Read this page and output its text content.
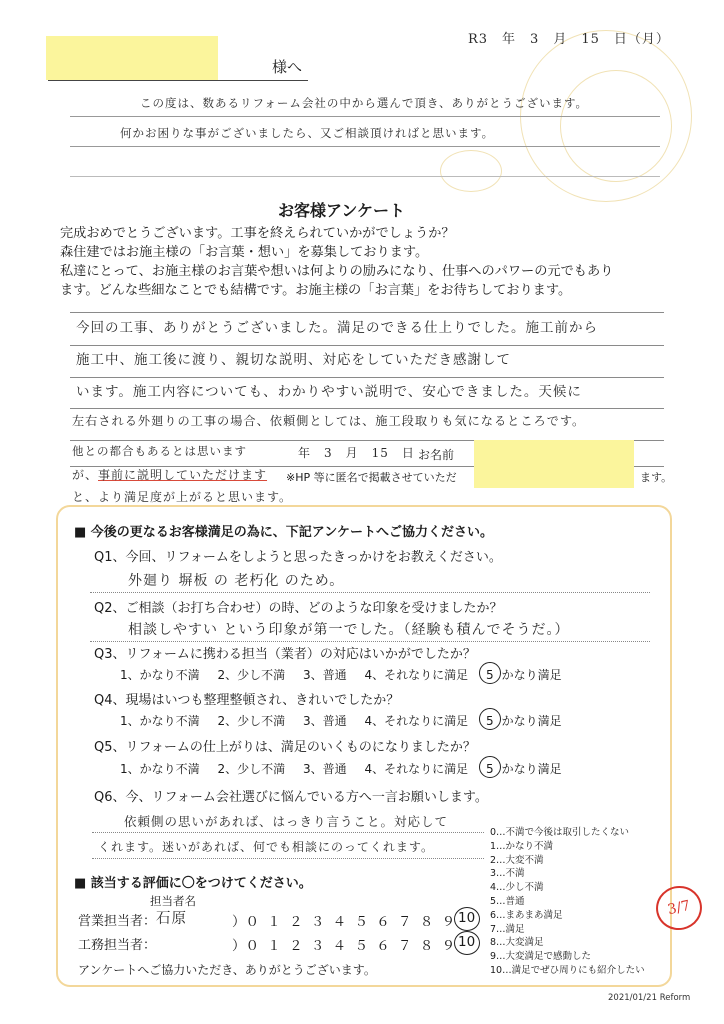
R3　年　3　月　15　日（月）
様へ
この度は、数あるリフォーム会社の中から選んで頂き、ありがとうございます。
何かお困りな事がございましたら、又ご相談頂ければと思います。
お客様アンケート
完成おめでとうございます。工事を終えられていかがでしょうか？
森住建ではお施主様の「お言葉・想い」を募集しております。
私達にとって、お施主様のお言葉や想いは何よりの励みになり、仕事へのパワーの元でもあり
ます。どんな些細なことでも結構です。お施主様の「お言葉」をお待ちしております。
今回の工事、ありがとうございました。満足のできる仕上りでした。施工前から
施工中、施工後に渡り、親切な説明、対応をしていただき感謝して
います。施工内容についても、わかりやすい説明で、安心できました。天候に
左右される外廻りの工事の場合、依頼側としては、施工段取りも気になるところです。
他との都合もあるとは思います	年　3　月　15　日 お名前
が、事前に説明していただけます ※HP 等に匿名で掲載させていただ	ます。
と、より満足度が上がると思います。
■ 今後の更なるお客様満足の為に、下記アンケートへご協力ください。
Q1、今回、リフォームをしようと思ったきっかけをお教えください。
外廻り 塀板 の 老朽化 のため。
Q2、ご相談（お打ち合わせ）の時、どのような印象を受けましたか？
相談しやすい という印象が第一でした。（経験も積んでそうだ。）
Q3、リフォームに携わる担当（業者）の対応はいかがでしたか？
1、かなり不満 2、少し不満 3、普通 4、それなりに満足 5 かなり満足
Q4、現場はいつも整理整頓され、きれいでしたか？
1、かなり不満 2、少し不満 3、普通 4、それなりに満足 5 かなり満足
Q5、リフォームの仕上がりは、満足のいくものになりましたか？
1、かなり不満 2、少し不満 3、普通 4、それなりに満足 5 かなり満足
Q6、今、リフォーム会社選びに悩んでいる方へ一言お願いします。
依頼側の思いがあれば、はっきり言うこと。対応して
くれます。迷いがあれば、何でも相談にのってくれます。
0…不満で今後は取引したくない
1…かなり不満
2…大変不満
3…不満
4…少し不満
5…普通
6…まあまあ満足
7…満足
8…大変満足
9…大変満足で感動した
10…満足でぜひ周りにも紹介したい
■ 該当する評価に〇をつけてください。
担当者名
営業担当者： 石原	）０ １ ２ ３ ４ ５ ６ ７ ８ ９ 10
工務担当者：	）０ １ ２ ３ ４ ５ ６ ７ ８ ９ 10
アンケートへご協力いただき、ありがとうございます。
3/7
2021/01/21 Reform
